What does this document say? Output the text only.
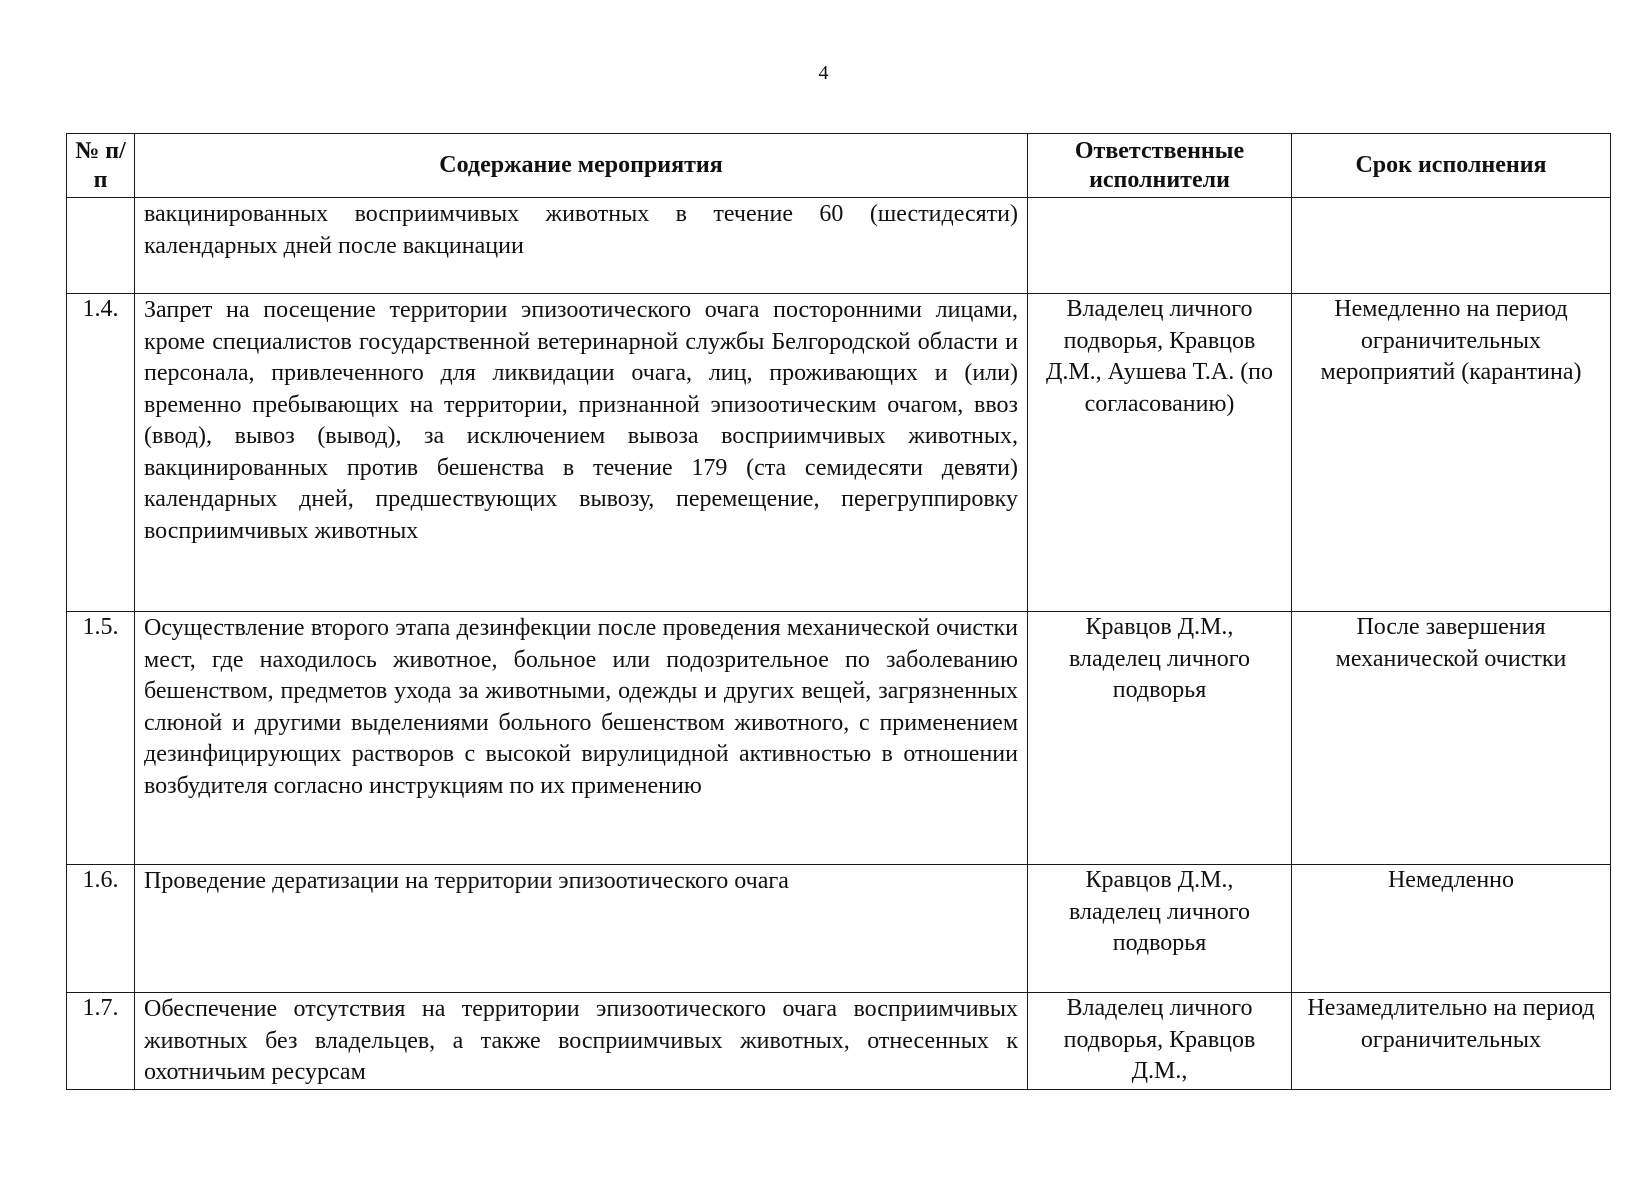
4
№ п/п	Содержание мероприятия	Ответственные исполнители	Срок исполнения

	вакцинированных восприимчивых животных в течение 60 (шестидесяти) календарных дней после вакцинации		

1.4.	Запрет на посещение территории эпизоотического очага посторонними лицами, кроме специалистов государственной ветеринарной службы Белгородской области и персонала, привлеченного для ликвидации очага, лиц, проживающих и (или) временно пребывающих на территории, признанной эпизоотическим очагом, ввоз (ввод), вывоз (вывод), за исключением вывоза восприимчивых животных, вакцинированных против бешенства в течение 179 (ста семидесяти девяти) календарных дней, предшествующих вывозу, перемещение, перегруппировку восприимчивых животных	Владелец личного подворья, Кравцов Д.М., Аушева Т.А. (по согласованию)	Немедленно на период ограничительных мероприятий (карантина)
1.5.	Осуществление второго этапа дезинфекции после проведения механической очистки мест, где находилось животное, больное или подозрительное по заболеванию бешенством, предметов ухода за животными, одежды и других вещей, загрязненных слюной и другими выделениями больного бешенством животного, с применением дезинфицирующих растворов с высокой вирулицидной активностью в отношении возбудителя согласно инструкциям по их применению	Кравцов Д.М., владелец личного подворья	После завершения механической очистки
1.6.	Проведение дератизации на территории эпизоотического очага	Кравцов Д.М., владелец личного подворья	Немедленно
1.7.	Обеспечение отсутствия на территории эпизоотического очага восприимчивых животных без владельцев, а также восприимчивых животных, отнесенных к охотничьим ресурсам	Владелец личного подворья, Кравцов Д.М.,	Незамедлительно на период ограничительных
